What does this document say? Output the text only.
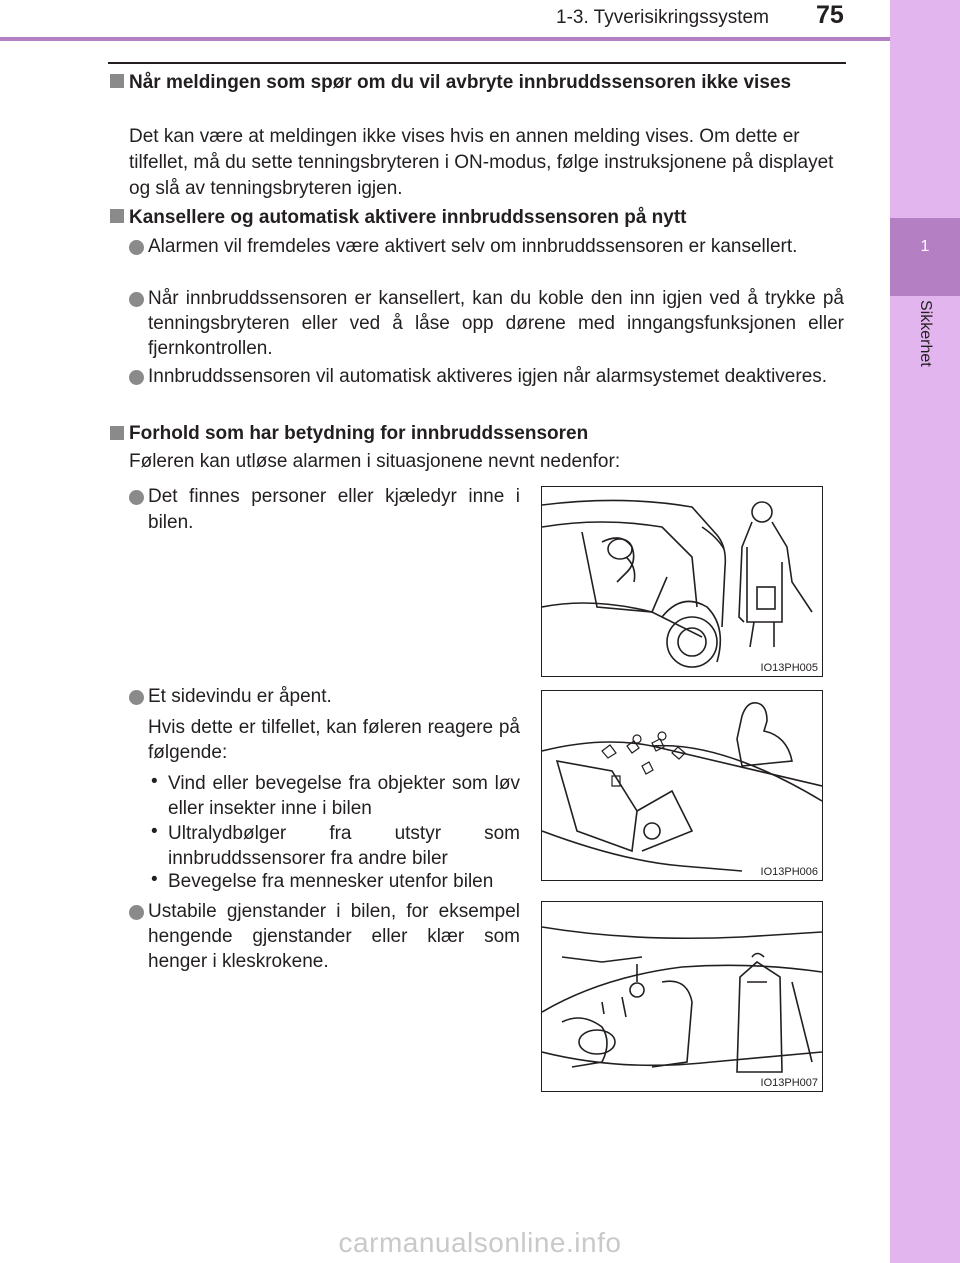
1-3. Tyverisikringssystem 75
1
Sikkerhet
Når meldingen som spør om du vil avbryte innbruddssensoren ikke vises
Det kan være at meldingen ikke vises hvis en annen melding vises. Om dette er tilfellet, må du sette tenningsbryteren i ON-modus, følge instruksjonene på displayet og slå av tenningsbryteren igjen.
Kansellere og automatisk aktivere innbruddssensoren på nytt
Alarmen vil fremdeles være aktivert selv om innbruddssensoren er kansellert.
Når innbruddssensoren er kansellert, kan du koble den inn igjen ved å trykke på tenningsbryteren eller ved å låse opp dørene med inngangsfunksjonen eller fjernkontrollen.
Innbruddssensoren vil automatisk aktiveres igjen når alarmsystemet deaktiveres.
Forhold som har betydning for innbruddssensoren
Føleren kan utløse alarmen i situasjonene nevnt nedenfor:
Det finnes personer eller kjæledyr inne i bilen.
IO13PH005
Et sidevindu er åpent.
Hvis dette er tilfellet, kan føleren reagere på følgende:
• Vind eller bevegelse fra objekter som løv eller insekter inne i bilen
• Ultralydbølger fra utstyr som innbruddssensorer fra andre biler
• Bevegelse fra mennesker utenfor bilen	IO13PH006
Ustabile gjenstander i bilen, for eksempel hengende gjenstander eller klær som henger i kleskrokene.
IO13PH007
carmanualsonline.info
